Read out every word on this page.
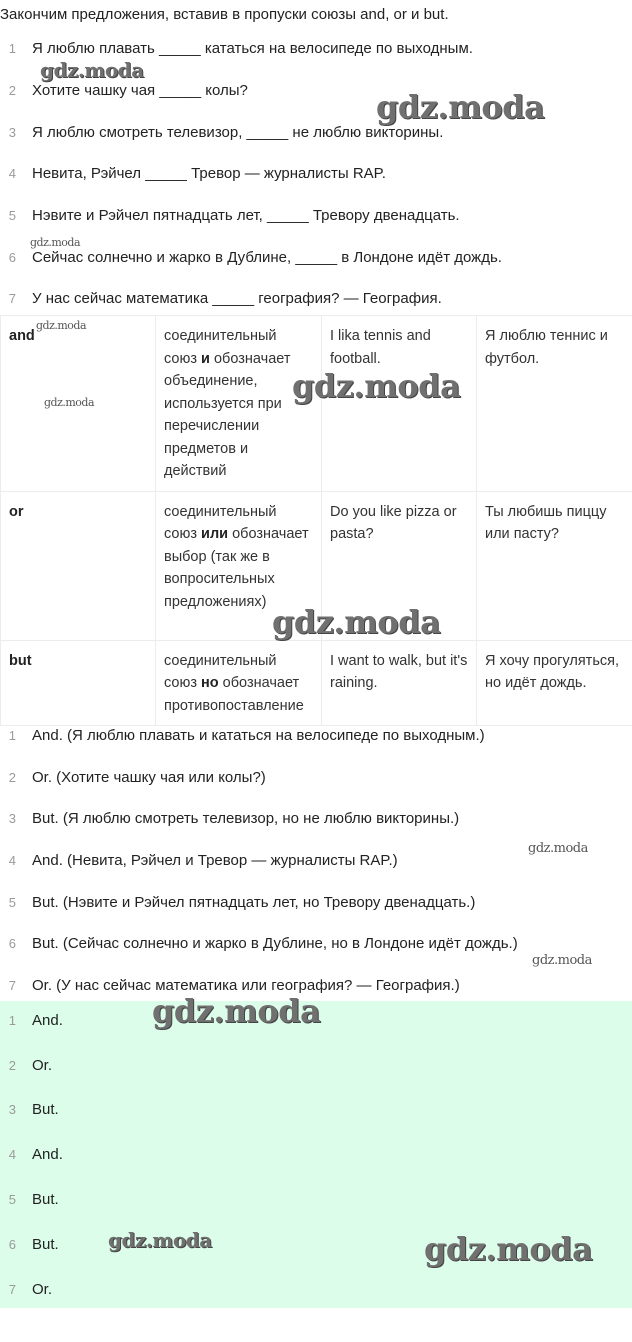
Закончим предложения, вставив в пропуски союзы and, or и but.
1 Я люблю плавать _____ кататься на велосипеде по выходным.
2 Хотите чашку чая _____ колы?
3 Я люблю смотреть телевизор, _____ не люблю викторины.
4 Невита, Рэйчел _____ Тревор — журналисты RAP.
5 Нэвите и Рэйчел пятнадцать лет, _____ Тревору двенадцать.
6 Сейчас солнечно и жарко в Дублине, _____ в Лондоне идёт дождь.
7 У нас сейчас математика _____ география? — География.
and	соединительный союз и обозначает объединение, используется при перечислении предметов и действий	I lika tennis and football.	Я люблю теннис и футбол.
or	соединительный союз или обозначает выбор (так же в вопросительных предложениях)	Do you like pizza or pasta?	Ты любишь пиццу или пасту?
but	соединительный союз но обозначает противопоставление	I want to walk, but it's raining.	Я хочу прогуляться, но идёт дождь.
1 And. (Я люблю плавать и кататься на велосипеде по выходным.)
2 Or. (Хотите чашку чая или колы?)
3 But. (Я люблю смотреть телевизор, но не люблю викторины.)
4 And. (Невита, Рэйчел и Тревор — журналисты RAP.)
5 But. (Нэвите и Рэйчел пятнадцать лет, но Тревору двенадцать.)
6 But. (Сейчас солнечно и жарко в Дублине, но в Лондоне идёт дождь.)
7 Or. (У нас сейчас математика или география? — География.)
1 And.
2 Or.
3 But.
4 And.
5 But.
6 But.
7 Or.
gdz.moda
gdz.moda
gdz.moda
gdz.moda
gdz.moda	gdz.moda
gdz.moda
gdz.moda
gdz.moda
gdz.moda
gdz.moda	gdz.moda
